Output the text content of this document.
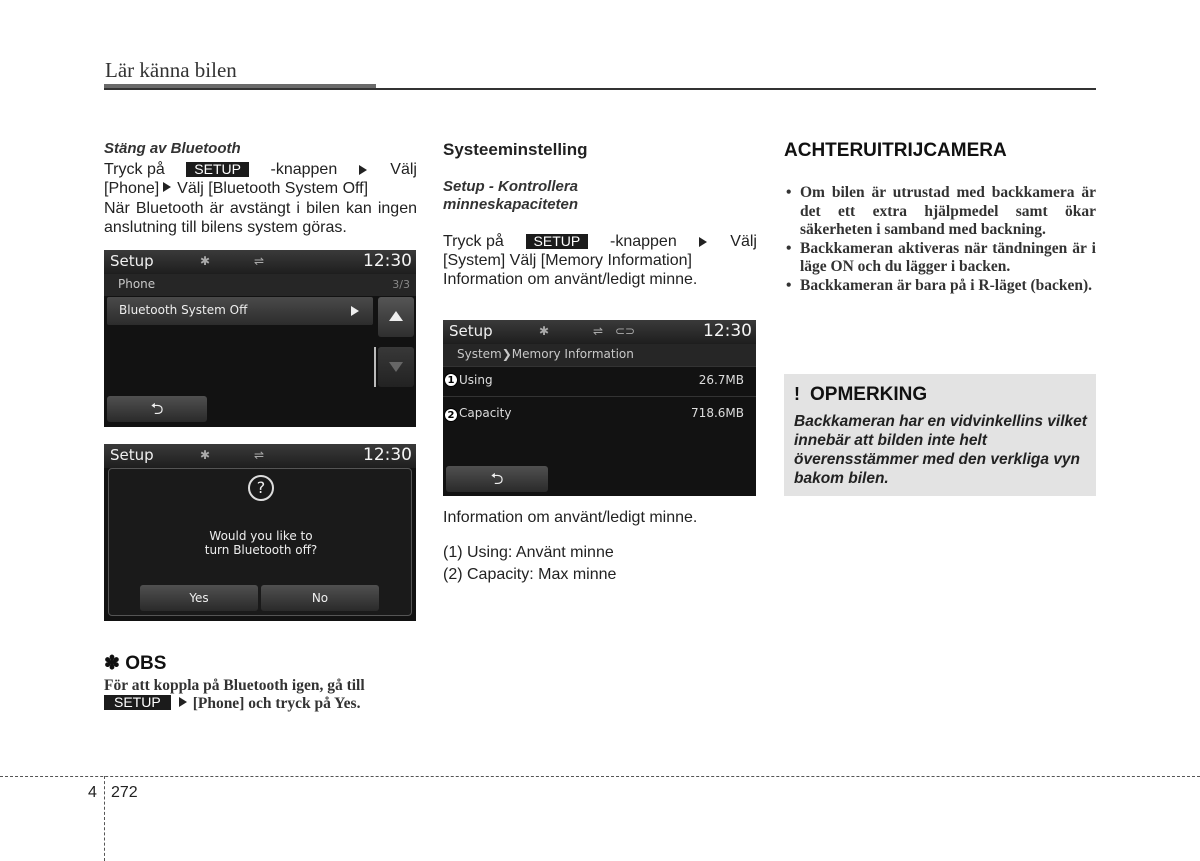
Lär känna bilen
Stäng av Bluetooth
Tryck på	SETUP	-knappen	Välj
[Phone] Välj [Bluetooth System Off]
När Bluetooth är avstängt i bilen kan ingen anslutning till bilens system göras.
Setup	✱	⇌	12:30
Phone	3/3
Bluetooth System Off
⮌
Setup	✱	⇌	12:30
?
Would you like to
turn Bluetooth off?
Yes	No
✽ OBS
För att koppla på Bluetooth igen, gå till
SETUP [Phone] och tryck på Yes.
Systeeminstelling
Setup - Kontrollera minneskapaciteten
Tryck på	SETUP	-knappen	Välj
[System] Välj [Memory Information]
Information om använt/ledigt minne.
Setup	✱	⇌ ⊂⊃	12:30
System❯Memory Information
1 Using	26.7MB
2 Capacity	718.6MB
⮌
Information om använt/ledigt minne.
(1) Using: Använt minne
(2) Capacity: Max minne
ACHTERUITRIJCAMERA
• Om bilen är utrustad med backkamera är det ett extra hjälpmedel samt ökar säkerheten i samband med backning.
• Backkameran aktiveras när tändningen är i läge ON och du lägger i backen.
• Backkameran är bara på i R-läget (backen).
! OPMERKING
Backkameran har en vidvinkellins vilket innebär att bilden inte helt överensstämmer med den verkliga vyn bakom bilen.
4 272
